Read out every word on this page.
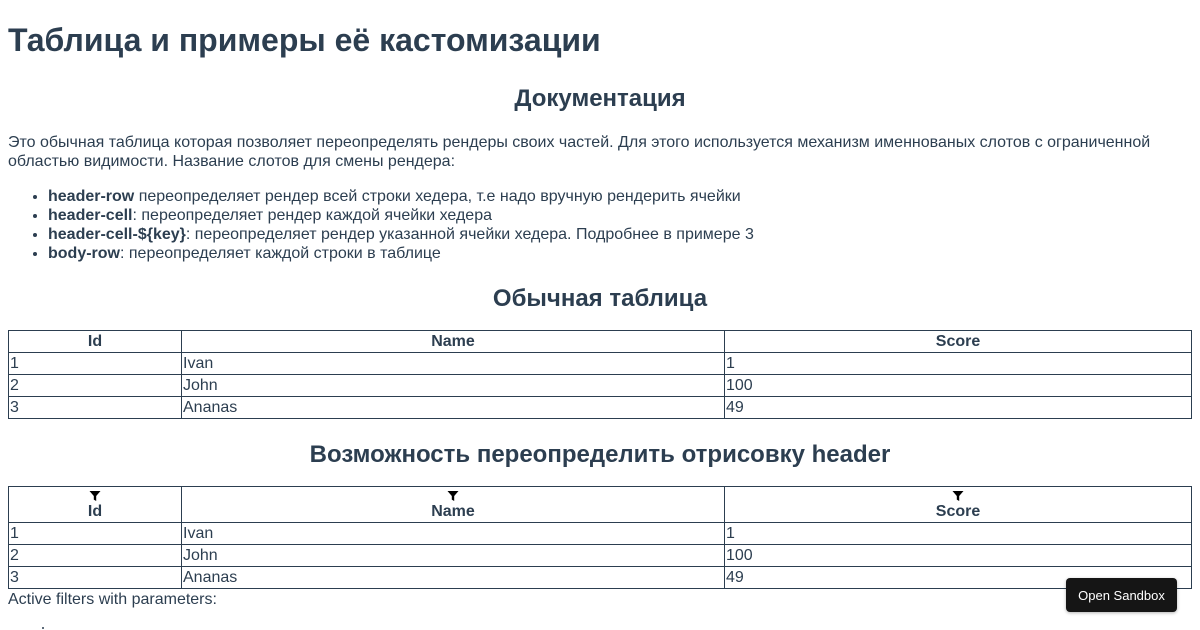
Таблица и примеры её кастомизации
Документация

Это обычная таблица которая позволяет переопределять рендеры своих частей. Для этого используется механизм именнованых слотов с ограниченной областью видимости. Название слотов для смены рендера:

• header-row переопределяет рендер всей строки хедера, т.е надо вручную рендерить ячейки
• header-cell: переопределяет рендер каждой ячейки хедера
• header-cell-${key}: переопределяет рендер указанной ячейки хедера. Подробнее в примере 3
• body-row: переопределяет каждой строки в таблице
Обычная таблица
Id	Name	Score
1	Ivan	1
2	John	100
3	Ananas	49
Возможность переопределить отрисовку header
Id	Name	Score

1	Ivan	1
2	John	100
3	Ananas	49
Active filters with parameters:	Open Sandbox
